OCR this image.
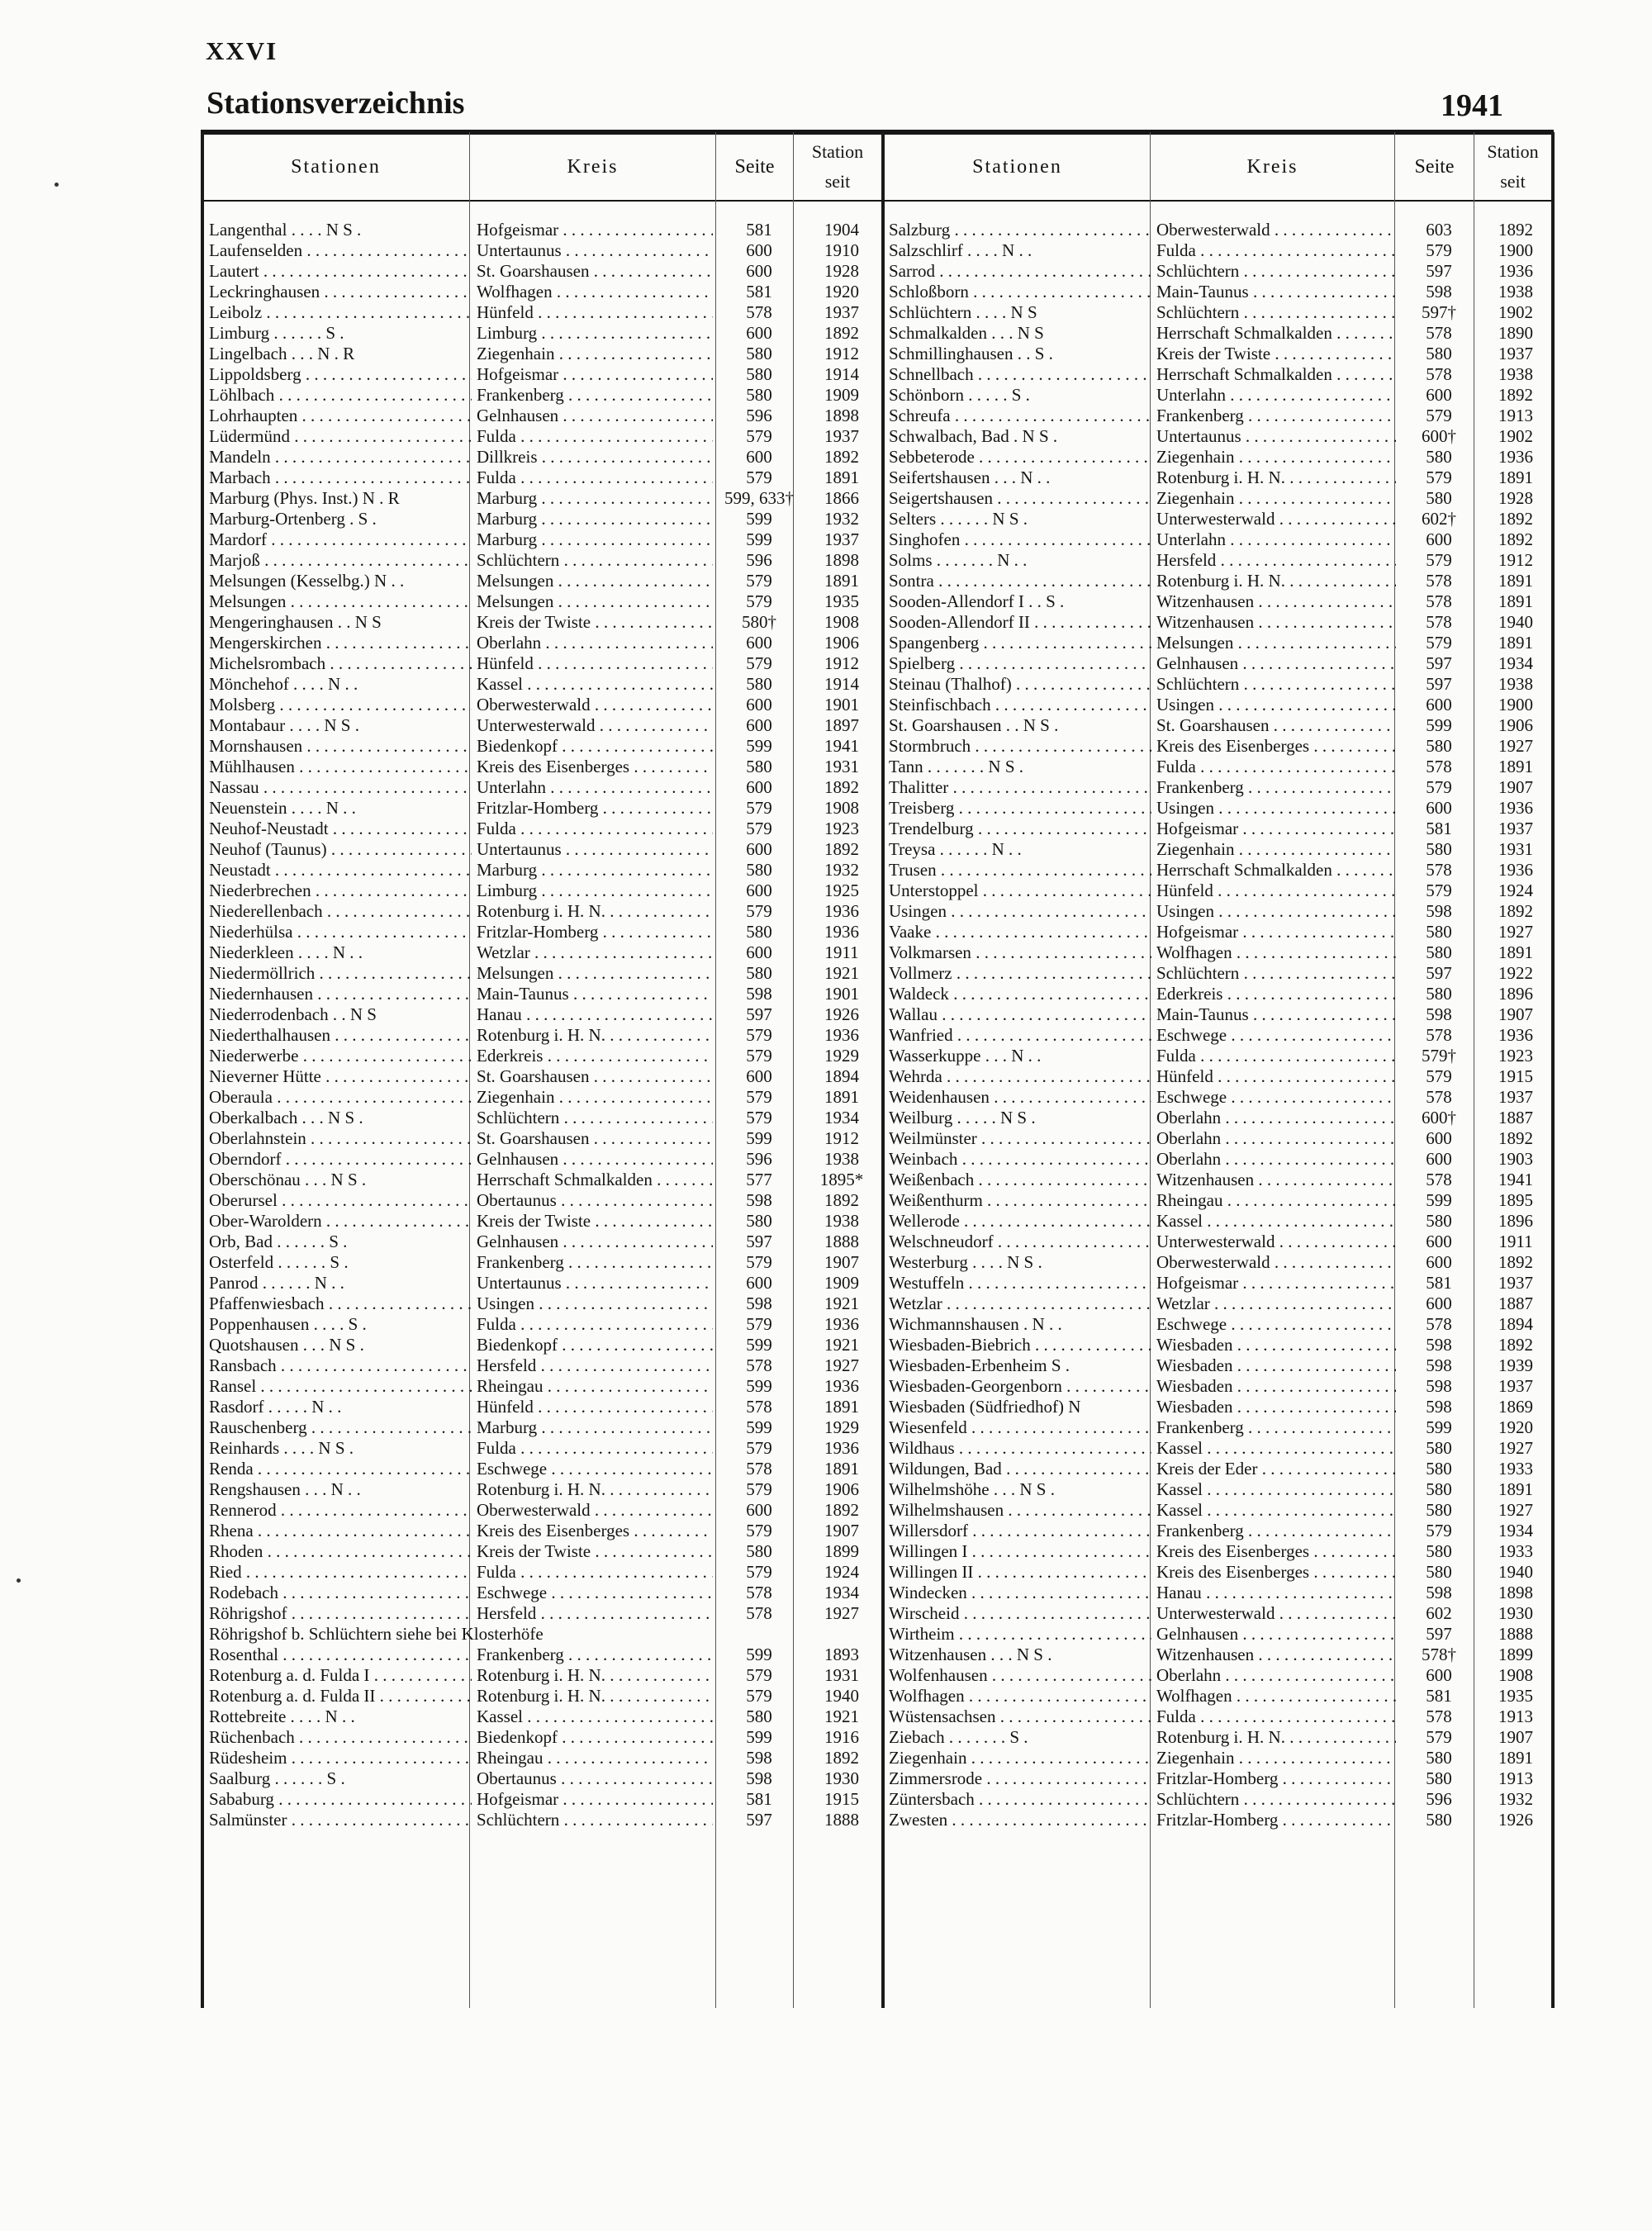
XXVI
Stationsverzeichnis	1941
Stationen	Kreis	Seite
Station
seit
Stationen	Kreis	Seite
Station
seit
Langenthal . . . . N S .	Hofgeismar . . .	581	1904
Laufenselden . . .	Untertaunus . . .	600	1910
Lautert . . .	St. Goarshausen . . .	600	1928
Leckringhausen . . .	Wolfhagen . . .	581	1920
Leibolz . . .	Hünfeld . . .	578	1937
Limburg . . . . . . S .	Limburg . . .	600	1892
Lingelbach . . . N . R	Ziegenhain . . .	580	1912
Lippoldsberg . . .	Hofgeismar . . .	580	1914
Löhlbach . . .	Frankenberg . . .	580	1909
Lohrhaupten . . .	Gelnhausen . . .	596	1898
Lüdermünd . . .	Fulda . . .	579	1937
Mandeln . . .	Dillkreis . . .	600	1892
Marbach . . .	Fulda . . .	579	1891
Marburg (Phys. Inst.) N . R	Marburg . . .	599, 633†	1866
Marburg-Ortenberg . S .	Marburg . . .	599	1932
Mardorf . . .	Marburg . . .	599	1937
Marjoß . . .	Schlüchtern . . .	596	1898
Melsungen (Kesselbg.) N . .	Melsungen . . .	579	1891
Melsungen . . .	Melsungen . . .	579	1935
Mengeringhausen . . N S	Kreis der Twiste . . .	580†	1908
Mengerskirchen . . .	Oberlahn . . .	600	1906
Michelsrombach . . .	Hünfeld . . .	579	1912
Mönchehof . . . . N . .	Kassel . . .	580	1914
Molsberg . . .	Oberwesterwald . . .	600	1901
Montabaur . . . . N S .	Unterwesterwald . . .	600	1897
Mornshausen . . .	Biedenkopf . . .	599	1941
Mühlhausen . . .	Kreis des Eisenberges . . .	580	1931
Nassau . . .	Unterlahn . . .	600	1892
Neuenstein . . . . N . .	Fritzlar-Homberg . . .	579	1908
Neuhof-Neustadt . . .	Fulda . . .	579	1923
Neuhof (Taunus) . . .	Untertaunus . . .	600	1892
Neustadt . . .	Marburg . . .	580	1932
Niederbrechen . . .	Limburg . . .	600	1925
Niederellenbach . . .	Rotenburg i. H. N. . . .	579	1936
Niederhülsa . . .	Fritzlar-Homberg . . .	580	1936
Niederkleen . . . . N . .	Wetzlar . . .	600	1911
Niedermöllrich . . .	Melsungen . . .	580	1921
Niedernhausen . . .	Main-Taunus . . .	598	1901
Niederrodenbach . . N S	Hanau . . .	597	1926
Niederthalhausen . . .	Rotenburg i. H. N. . . .	579	1936
Niederwerbe . . .	Ederkreis . . .	579	1929
Nieverner Hütte . . .	St. Goarshausen . . .	600	1894
Oberaula . . .	Ziegenhain . . .	579	1891
Oberkalbach . . . N S .	Schlüchtern . . .	579	1934
Oberlahnstein . . .	St. Goarshausen . . .	599	1912
Oberndorf . . .	Gelnhausen . . .	596	1938
Oberschönau . . . N S .	Herrschaft Schmalkalden . . .	577	1895*
Oberursel . . .	Obertaunus . . .	598	1892
Ober-Waroldern . . .	Kreis der Twiste . . .	580	1938
Orb, Bad . . . . . . S .	Gelnhausen . . .	597	1888
Osterfeld . . . . . . S .	Frankenberg . . .	579	1907
Panrod . . . . . . N . .	Untertaunus . . .	600	1909
Pfaffenwiesbach . . .	Usingen . . .	598	1921
Poppenhausen . . . . S .	Fulda . . .	579	1936
Quotshausen . . . N S .	Biedenkopf . . .	599	1921
Ransbach . . .	Hersfeld . . .	578	1927
Ransel . . .	Rheingau . . .	599	1936
Rasdorf . . . . . N . .	Hünfeld . . .	578	1891
Rauschenberg . . .	Marburg . . .	599	1929
Reinhards . . . . N S .	Fulda . . .	579	1936
Renda . . .	Eschwege . . .	578	1891
Rengshausen . . . N . .	Rotenburg i. H. N. . . .	579	1906
Rennerod . . .	Oberwesterwald . . .	600	1892
Rhena . . .	Kreis des Eisenberges . . .	579	1907
Rhoden . . .	Kreis der Twiste . . .	580	1899
Ried . . .	Fulda . . .	579	1924
Rodebach . . .	Eschwege . . .	578	1934
Röhrigshof . . .	Hersfeld . . .	578	1927
Röhrigshof b. Schlüchtern siehe bei Klosterhöfe
Rosenthal . . .	Frankenberg . . .	599	1893
Rotenburg a. d. Fulda I . . .	Rotenburg i. H. N. . . .	579	1931
Rotenburg a. d. Fulda II . . .	Rotenburg i. H. N. . . .	579	1940
Rottebreite . . . . N . .	Kassel . . .	580	1921
Rüchenbach . . .	Biedenkopf . . .	599	1916
Rüdesheim . . .	Rheingau . . .	598	1892
Saalburg . . . . . . S .	Obertaunus . . .	598	1930
Sababurg . . .	Hofgeismar . . .	581	1915
Salmünster . . .	Schlüchtern . . .	597	1888
Salzburg . . .	Oberwesterwald . . .	603	1892
Salzschlirf . . . . N . .	Fulda . . .	579	1900
Sarrod . . .	Schlüchtern . . .	597	1936
Schloßborn . . .	Main-Taunus . . .	598	1938
Schlüchtern . . . . N S	Schlüchtern . . .	597†	1902
Schmalkalden . . . N S	Herrschaft Schmalkalden . . .	578	1890
Schmillinghausen . . S .	Kreis der Twiste . . .	580	1937
Schnellbach . . .	Herrschaft Schmalkalden . . .	578	1938
Schönborn . . . . . S .	Unterlahn . . .	600	1892
Schreufa . . .	Frankenberg . . .	579	1913
Schwalbach, Bad . N S .	Untertaunus . . .	600†	1902
Sebbeterode . . .	Ziegenhain . . .	580	1936
Seifertshausen . . . N . .	Rotenburg i. H. N. . . .	579	1891
Seigertshausen . . .	Ziegenhain . . .	580	1928
Selters . . . . . . N S .	Unterwesterwald . . .	602†	1892
Singhofen . . .	Unterlahn . . .	600	1892
Solms . . . . . . . N . .	Hersfeld . . .	579	1912
Sontra . . .	Rotenburg i. H. N. . . .	578	1891
Sooden-Allendorf I . . S .	Witzenhausen . . .	578	1891
Sooden-Allendorf II . . .	Witzenhausen . . .	578	1940
Spangenberg . . .	Melsungen . . .	579	1891
Spielberg . . .	Gelnhausen . . .	597	1934
Steinau (Thalhof) . . .	Schlüchtern . . .	597	1938
Steinfischbach . . .	Usingen . . .	600	1900
St. Goarshausen . . N S .	St. Goarshausen . . .	599	1906
Stormbruch . . .	Kreis des Eisenberges . . .	580	1927
Tann . . . . . . . N S .	Fulda . . .	578	1891
Thalitter . . .	Frankenberg . . .	579	1907
Treisberg . . .	Usingen . . .	600	1936
Trendelburg . . .	Hofgeismar . . .	581	1937
Treysa . . . . . . N . .	Ziegenhain . . .	580	1931
Trusen . . .	Herrschaft Schmalkalden . . .	578	1936
Unterstoppel . . .	Hünfeld . . .	579	1924
Usingen . . .	Usingen . . .	598	1892
Vaake . . .	Hofgeismar . . .	580	1927
Volkmarsen . . .	Wolfhagen . . .	580	1891
Vollmerz . . .	Schlüchtern . . .	597	1922
Waldeck . . .	Ederkreis . . .	580	1896
Wallau . . .	Main-Taunus . . .	598	1907
Wanfried . . .	Eschwege . . .	578	1936
Wasserkuppe . . . N . .	Fulda . . .	579†	1923
Wehrda . . .	Hünfeld . . .	579	1915
Weidenhausen . . .	Eschwege . . .	578	1937
Weilburg . . . . . N S .	Oberlahn . . .	600†	1887
Weilmünster . . .	Oberlahn . . .	600	1892
Weinbach . . .	Oberlahn . . .	600	1903
Weißenbach . . .	Witzenhausen . . .	578	1941
Weißenthurm . . .	Rheingau . . .	599	1895
Wellerode . . .	Kassel . . .	580	1896
Welschneudorf . . .	Unterwesterwald . . .	600	1911
Westerburg . . . . N S .	Oberwesterwald . . .	600	1892
Westuffeln . . .	Hofgeismar . . .	581	1937
Wetzlar . . .	Wetzlar . . .	600	1887
Wichmannshausen . N . .	Eschwege . . .	578	1894
Wiesbaden-Biebrich . . .	Wiesbaden . . .	598	1892
Wiesbaden-Erbenheim S .	Wiesbaden . . .	598	1939
Wiesbaden-Georgenborn . . .	Wiesbaden . . .	598	1937
Wiesbaden (Südfriedhof) N	Wiesbaden . . .	598	1869
Wiesenfeld . . .	Frankenberg . . .	599	1920
Wildhaus . . .	Kassel . . .	580	1927
Wildungen, Bad . . .	Kreis der Eder . . .	580	1933
Wilhelmshöhe . . . N S .	Kassel . . .	580	1891
Wilhelmshausen . . .	Kassel . . .	580	1927
Willersdorf . . .	Frankenberg . . .	579	1934
Willingen I . . .	Kreis des Eisenberges . . .	580	1933
Willingen II . . .	Kreis des Eisenberges . . .	580	1940
Windecken . . .	Hanau . . .	598	1898
Wirscheid . . .	Unterwesterwald . . .	602	1930
Wirtheim . . .	Gelnhausen . . .	597	1888
Witzenhausen . . . N S .	Witzenhausen . . .	578†	1899
Wolfenhausen . . .	Oberlahn . . .	600	1908
Wolfhagen . . .	Wolfhagen . . .	581	1935
Wüstensachsen . . .	Fulda . . .	578	1913
Ziebach . . . . . . . S .	Rotenburg i. H. N. . . .	579	1907
Ziegenhain . . .	Ziegenhain . . .	580	1891
Zimmersrode . . .	Fritzlar-Homberg . . .	580	1913
Züntersbach . . .	Schlüchtern . . .	596	1932
Zwesten . . .	Fritzlar-Homberg . . .	580	1926
